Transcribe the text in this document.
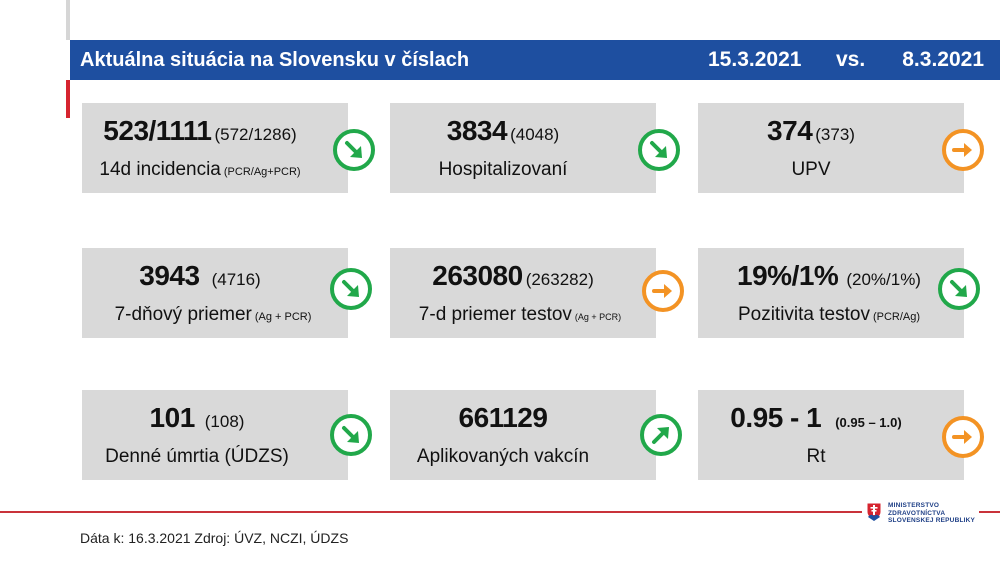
Aktuálna situácia na Slovensku v číslach	15.3.2021	vs.	8.3.2021
523/1111 (572/1286)
14d incidencia (PCR/Ag+PCR)
3834 (4048)
Hospitalizovaní
374 (373)
UPV
3943 (4716)
7-dňový priemer (Ag + PCR)
263080 (263282)
7-d priemer testov (Ag + PCR)
19%/1% (20%/1%)
Pozitivita testov (PCR/Ag)
101 (108)
Denné úmrtia (ÚDZS)
661129
Aplikovaných vakcín
0.95 - 1 (0.95 – 1.0)
Rt
Dáta k: 16.3.2021 Zdroj: ÚVZ, NCZI, ÚDZS
MINISTERSTVO
ZDRAVOTNÍCTVA
SLOVENSKEJ REPUBLIKY
